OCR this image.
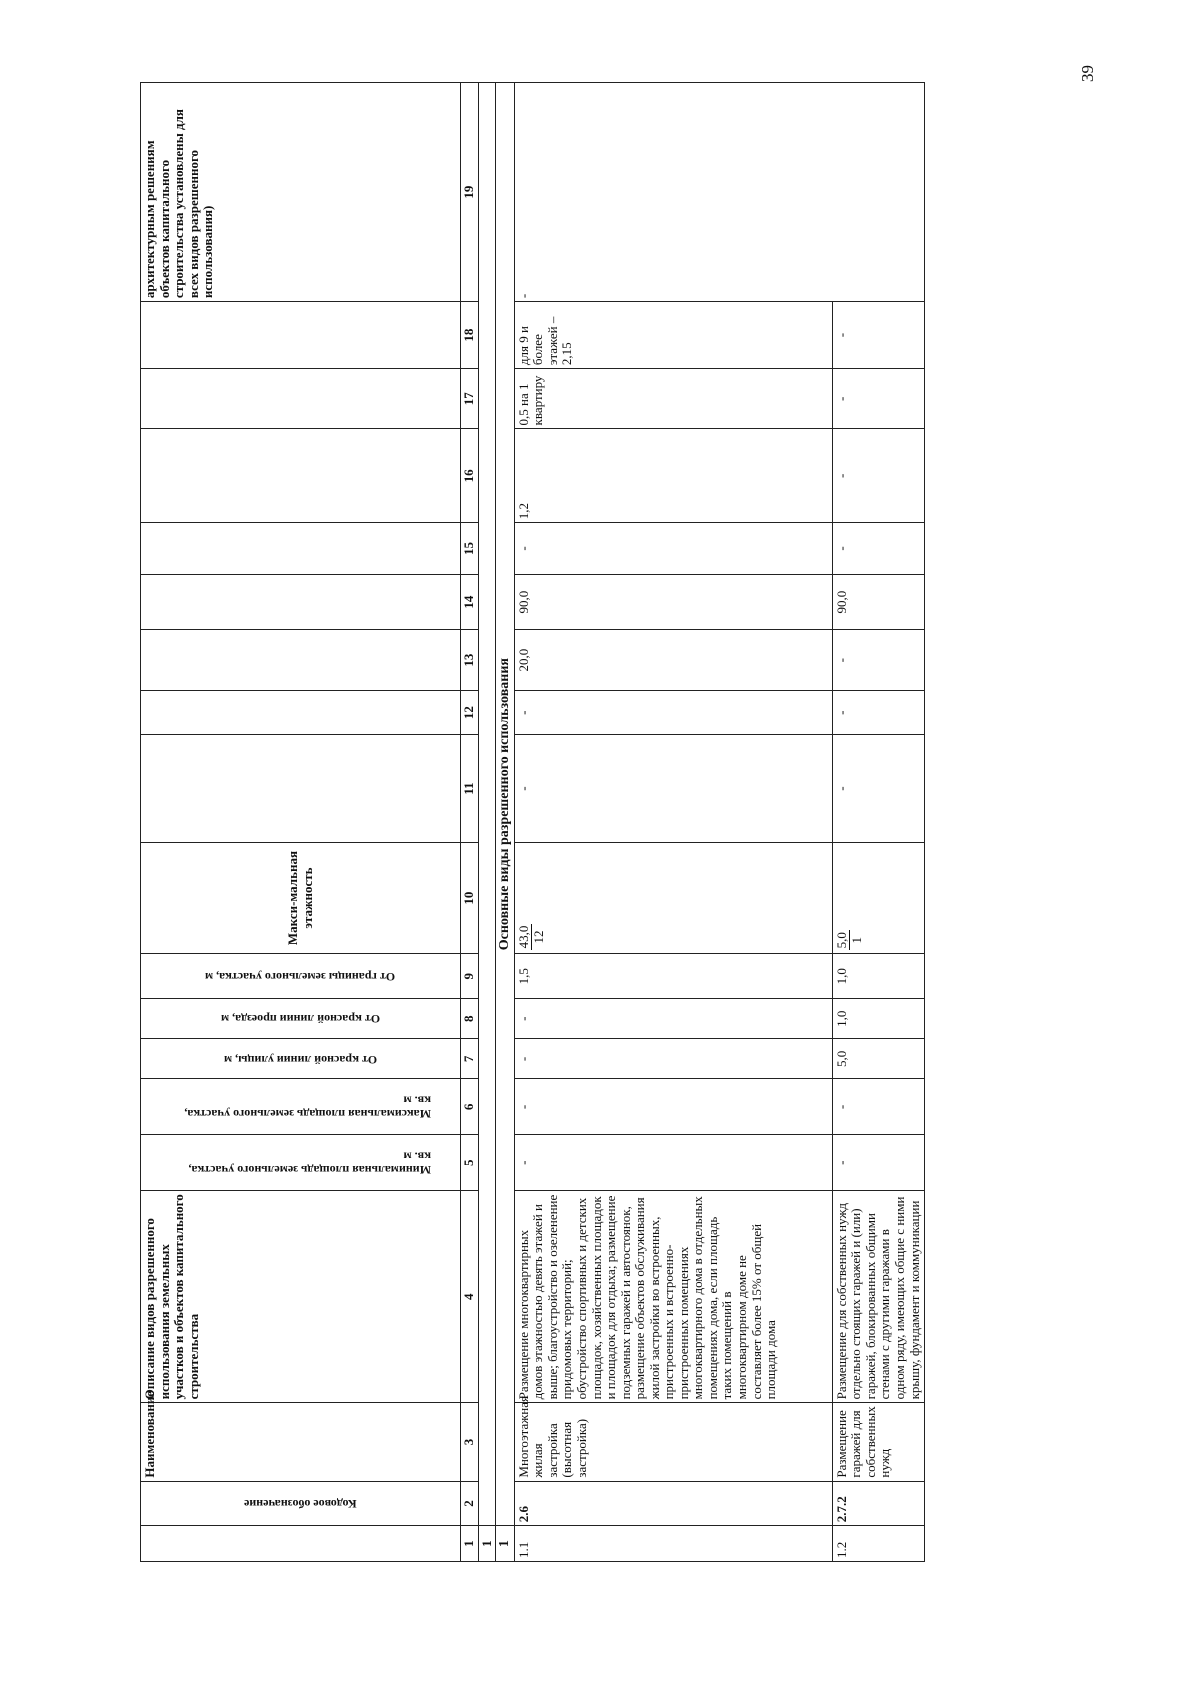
39

	Кодовое обозначение	Наименование	Описание видов разрешенного использования земельных участков и объектов капитального строительства	Минимальная площадь земельного участка, кв. м	Максимальная площадь земельного участка, кв. м	От красной линии улицы, м	От красной линии проезда, м	От границы земельного участка, м	Макси-мальная этажность									архитектурным решениям объектов капитального строительства установлены для всех видов разрешенного использования)
1	2	3	4	5	6	7	8	9	10	11	12	13	14	15	16	17	18	19
1																		
1	Основные виды разрешенного использования																	
1.1	2.6	Многоэтажная жилая застройка (высотная застройка)	Размещение многоквартирных домов этажностью девять этажей и выше; благоустройство и озеленение придомовых территорий; обустройство спортивных и детских площадок, хозяйственных площадок и площадок для отдыха; размещение подземных гаражей и автостоянок, размещение объектов обслуживания жилой застройки во встроенных, пристроенных и встроенно-пристроенных помещениях многоквартирного дома в отдельных помещениях дома, если площадь таких помещений в многоквартирном доме не составляет более 15% от общей площади дома	-	-	-	-	1,5	43,0 12	-	-	20,0	90,0	-	1,2	0,5 на 1 квартиру	для 9 и более этажей – 2,15	-
1.2	2.7.2	Размещение гаражей для собственных нужд	Размещение для собственных нужд отдельно стоящих гаражей и (или) гаражей, блокированных общими стенами с другими гаражами в одном ряду, имеющих общие с ними крышу, фундамент и коммуникации	-	-	5,0	1,0	1,0	5,0 1	-	-	-	90,0	-	-	-	-	
